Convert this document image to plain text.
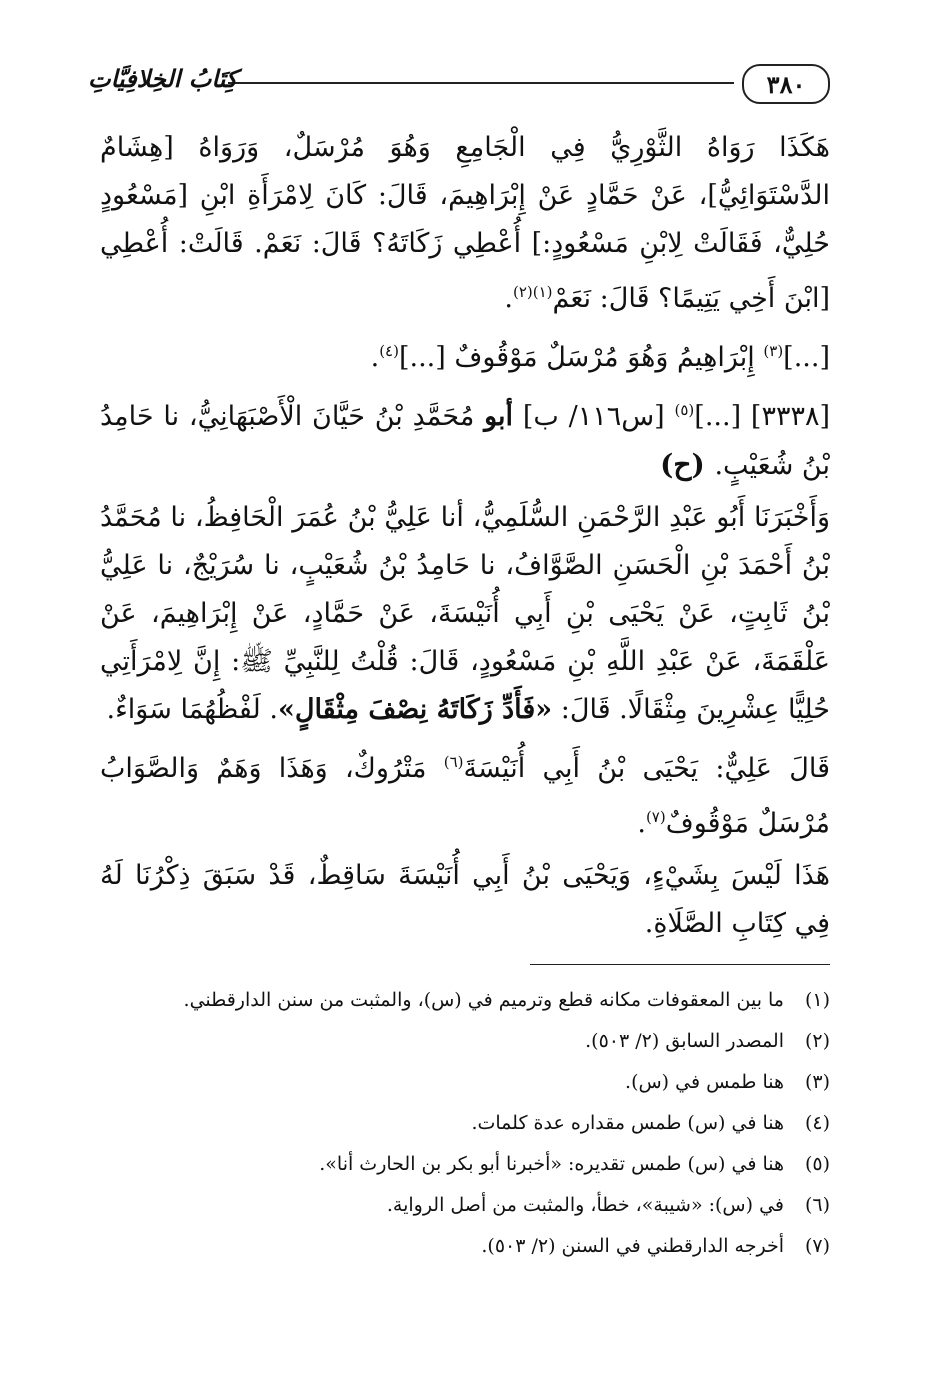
٣٨٠
كِتَابُ الخِلافِيَّاتِ

هَكَذَا رَوَاهُ الثَّوْرِيُّ فِي الْجَامِعِ وَهُوَ مُرْسَلٌ، وَرَوَاهُ [هِشَامٌ الدَّسْتَوَائِيُّ]، عَنْ حَمَّادٍ عَنْ إِبْرَاهِيمَ، قَالَ: كَانَ لِامْرَأَةِ ابْنِ [مَسْعُودٍ حُلِيٌّ، فَقَالَتْ لِابْنِ مَسْعُودٍ:] أُعْطِي زَكَاتَهُ؟ قَالَ: نَعَمْ. قَالَتْ: أُعْطِي [ابْنَ أَخِي يَتِيمًا؟ قَالَ: نَعَمْ$^{(١)(٢)}$.

[...]$^{(٣)}$ إِبْرَاهِيمُ وَهُوَ مُرْسَلٌ مَوْقُوفٌ [...]$^{(٤)}$.

[٣٣٣٨] [...]$^{(٥)}$ [س١١٦/ ب] أبو مُحَمَّدِ بْنُ حَيَّانَ الْأَصْبَهَانِيُّ، نا حَامِدُ بْنُ شُعَيْبٍ. (ح)

وَأَخْبَرَنَا أَبُو عَبْدِ الرَّحْمَنِ السُّلَمِيُّ، أنا عَلِيُّ بْنُ عُمَرَ الْحَافِظُ، نا مُحَمَّدُ بْنُ أَحْمَدَ بْنِ الْحَسَنِ الصَّوَّافُ، نا حَامِدُ بْنُ شُعَيْبٍ، نا سُرَيْجٌ، نا عَلِيُّ بْنُ ثَابِتٍ، عَنْ يَحْيَى بْنِ أَبِي أُنَيْسَةَ، عَنْ حَمَّادٍ، عَنْ إِبْرَاهِيمَ، عَنْ عَلْقَمَةَ، عَنْ عَبْدِ اللَّهِ بْنِ مَسْعُودٍ، قَالَ: قُلْتُ لِلنَّبِيِّ ﷺ: إِنَّ لِامْرَأَتِي حُلِيًّا عِشْرِينَ مِثْقَالًا. قَالَ: «فَأَدِّ زَكَاتَهُ نِصْفَ مِثْقَالٍ». لَفْظُهُمَا سَوَاءٌ.

قَالَ عَلِيٌّ: يَحْيَى بْنُ أَبِي أُنَيْسَةَ$^{(٦)}$ مَتْرُوكٌ، وَهَذَا وَهَمٌ وَالصَّوَابُ مُرْسَلٌ مَوْقُوفٌ$^{(٧)}$.

هَذَا لَيْسَ بِشَيْءٍ، وَيَحْيَى بْنُ أَبِي أُنَيْسَةَ سَاقِطٌ، قَدْ سَبَقَ ذِكْرُنَا لَهُ فِي كِتَابِ الصَّلَاةِ.

(١)
ما بين المعقوفات مكانه قطع وترميم في (س)، والمثبت من سنن الدارقطني.
(٢)
المصدر السابق (٢/ ٥٠٣).
(٣)
هنا طمس في (س).
(٤)
هنا في (س) طمس مقداره عدة كلمات.
(٥)
هنا في (س) طمس تقديره: «أخبرنا أبو بكر بن الحارث أنا».
(٦)
في (س): «شيبة»، خطأ، والمثبت من أصل الرواية.
(٧)
أخرجه الدارقطني في السنن (٢/ ٥٠٣).
